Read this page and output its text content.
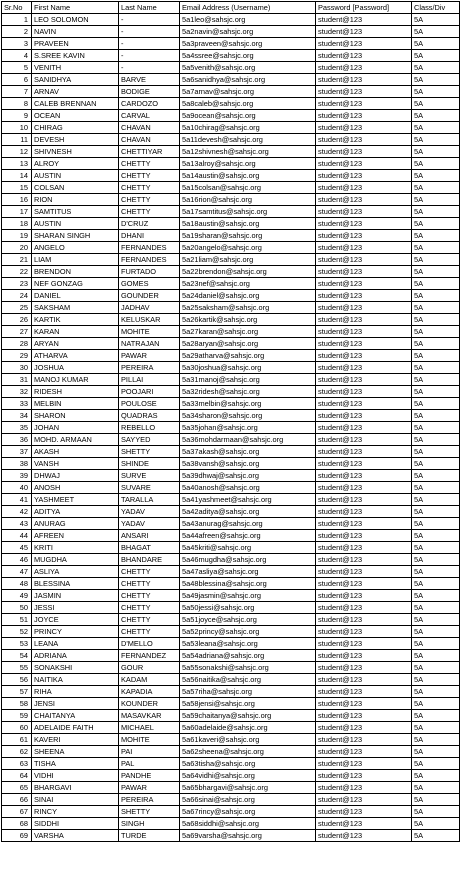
Sr.No	First Name	Last Name	Email Address (Username)	Password [Password]	Class/Div
1	LEO SOLOMON	-	5a1leo@sahsjc.org	student@123	5A
2	NAVIN	-	5a2navin@sahsjc.org	student@123	5A
3	PRAVEEN	-	5a3praveen@sahsjc.org	student@123	5A
4	S.SREE KAVIN	-	5a4ssree@sahsjc.org	student@123	5A
5	VENITH	-	5a5venith@sahsjc.org	student@123	5A
6	SANIDHYA	BARVE	5a6sanidhya@sahsjc.org	student@123	5A
7	ARNAV	BODIGE	5a7arnav@sahsjc.org	student@123	5A
8	CALEB BRENNAN	CARDOZO	5a8caleb@sahsjc.org	student@123	5A
9	OCEAN	CARVAL	5a9ocean@sahsjc.org	student@123	5A
10	CHIRAG	CHAVAN	5a10chirag@sahsjc.org	student@123	5A
11	DEVESH	CHAVAN	5a11devesh@sahsjc.org	student@123	5A
12	SHIVNESH	CHETTIYAR	5a12shivnesh@sahsjc.org	student@123	5A
13	ALROY	CHETTY	5a13alroy@sahsjc.org	student@123	5A
14	AUSTIN	CHETTY	5a14austin@sahsjc.org	student@123	5A
15	COLSAN	CHETTY	5a15colsan@sahsjc.org	student@123	5A
16	RION	CHETTY	5a16rion@sahsjc.org	student@123	5A
17	SAMTITUS	CHETTY	5a17samtitus@sahsjc.org	student@123	5A
18	AUSTIN	D'CRUZ	5a18austin@sahsjc.org	student@123	5A
19	SHARAN SINGH	DHANI	5a19sharan@sahsjc.org	student@123	5A
20	ANGELO	FERNANDES	5a20angelo@sahsjc.org	student@123	5A
21	LIAM	FERNANDES	5a21liam@sahsjc.org	student@123	5A
22	BRENDON	FURTADO	5a22brendon@sahsjc.org	student@123	5A
23	NEF GONZAG	GOMES	5a23nef@sahsjc.org	student@123	5A
24	DANIEL	GOUNDER	5a24daniel@sahsjc.org	student@123	5A
25	SAKSHAM	JADHAV	5a25saksham@sahsjc.org	student@123	5A
26	KARTIK	KELUSKAR	5a26kartik@sahsjc.org	student@123	5A
27	KARAN	MOHITE	5a27karan@sahsjc.org	student@123	5A
28	ARYAN	NATRAJAN	5a28aryan@sahsjc.org	student@123	5A
29	ATHARVA	PAWAR	5a29atharva@sahsjc.org	student@123	5A
30	JOSHUA	PEREIRA	5a30joshua@sahsjc.org	student@123	5A
31	MANOJ KUMAR	PILLAI	5a31manoj@sahsjc.org	student@123	5A
32	RIDESH	POOJARI	5a32ridesh@sahsjc.org	student@123	5A
33	MELBIN	POULOSE	5a33melbin@sahsjc.org	student@123	5A
34	SHARON	QUADRAS	5a34sharon@sahsjc.org	student@123	5A
35	JOHAN	REBELLO	5a35johan@sahsjc.org	student@123	5A
36	MOHD. ARMAAN	SAYYED	5a36mohdarmaan@sahsjc.org	student@123	5A
37	AKASH	SHETTY	5a37akash@sahsjc.org	student@123	5A
38	VANSH	SHINDE	5a38vansh@sahsjc.org	student@123	5A
39	DHWAJ	SURVE	5a39dhwaj@sahsjc.org	student@123	5A
40	ANOSH	SUVARE	5a40anosh@sahsjc.org	student@123	5A
41	YASHMEET	TARALLA	5a41yashmeet@sahsjc.org	student@123	5A
42	ADITYA	YADAV	5a42aditya@sahsjc.org	student@123	5A
43	ANURAG	YADAV	5a43anurag@sahsjc.org	student@123	5A
44	AFREEN	ANSARI	5a44afreen@sahsjc.org	student@123	5A
45	KRITI	BHAGAT	5a45kriti@sahsjc.org	student@123	5A
46	MUGDHA	BHANDARE	5a46mugdha@sahsjc.org	student@123	5A
47	ASLIYA	CHETTY	5a47asliya@sahsjc.org	student@123	5A
48	BLESSINA	CHETTY	5a48blessina@sahsjc.org	student@123	5A
49	JASMIN	CHETTY	5a49jasmin@sahsjc.org	student@123	5A
50	JESSI	CHETTY	5a50jessi@sahsjc.org	student@123	5A
51	JOYCE	CHETTY	5a51joyce@sahsjc.org	student@123	5A
52	PRINCY	CHETTY	5a52princy@sahsjc.org	student@123	5A
53	LEANA	D'MELLO	5a53leana@sahsjc.org	student@123	5A
54	ADRIANA	FERNANDEZ	5a54adriana@sahsjc.org	student@123	5A
55	SONAKSHI	GOUR	5a55sonakshi@sahsjc.org	student@123	5A
56	NAITIKA	KADAM	5a56naitika@sahsjc.org	student@123	5A
57	RIHA	KAPADIA	5a57riha@sahsjc.org	student@123	5A
58	JENSI	KOUNDER	5a58jensi@sahsjc.org	student@123	5A
59	CHAITANYA	MASAVKAR	5a59chaitanya@sahsjc.org	student@123	5A
60	ADELAIDE FAITH	MICHAEL	5a60adelaide@sahsjc.org	student@123	5A
61	KAVERI	MOHITE	5a61kaveri@sahsjc.org	student@123	5A
62	SHEENA	PAI	5a62sheena@sahsjc.org	student@123	5A
63	TISHA	PAL	5a63tisha@sahsjc.org	student@123	5A
64	VIDHI	PANDHE	5a64vidhi@sahsjc.org	student@123	5A
65	BHARGAVI	PAWAR	5a65bhargavi@sahsjc.org	student@123	5A
66	SINAI	PEREIRA	5a66sinai@sahsjc.org	student@123	5A
67	RINCY	SHETTY	5a67rincy@sahsjc.org	student@123	5A
68	SIDDHI	SINGH	5a68siddhi@sahsjc.org	student@123	5A
69	VARSHA	TURDE	5a69varsha@sahsjc.org	student@123	5A
